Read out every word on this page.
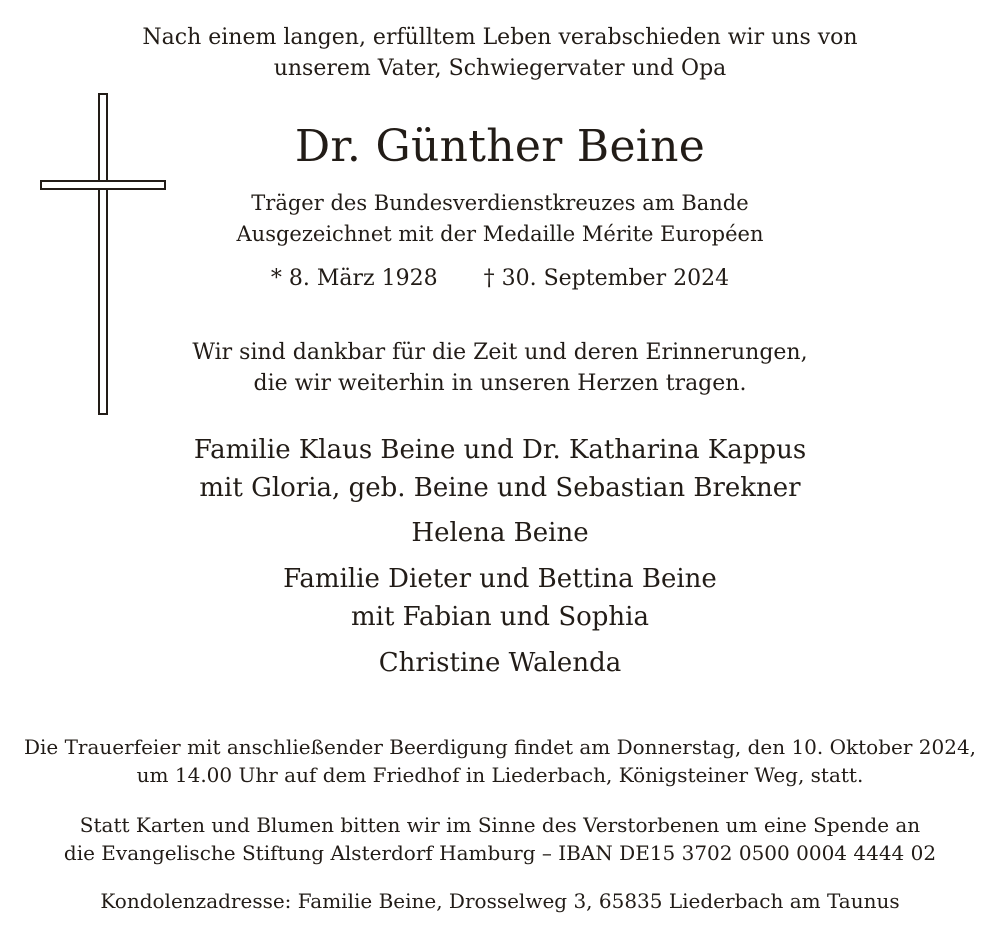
Nach einem langen, erfülltem Leben verabschieden wir uns von
unserem Vater, Schwiegervater und Opa
Dr. Günther Beine
Träger des Bundesverdienstkreuzes am Bande
Ausgezeichnet mit der Medaille Mérite Européen
* 8. März 1928 † 30. September 2024
Wir sind dankbar für die Zeit und deren Erinnerungen,
die wir weiterhin in unseren Herzen tragen.
Familie Klaus Beine und Dr. Katharina Kappus
mit Gloria, geb. Beine und Sebastian Brekner
Helena Beine
Familie Dieter und Bettina Beine
mit Fabian und Sophia
Christine Walenda
Die Trauerfeier mit anschließender Beerdigung findet am Donnerstag, den 10. Oktober 2024,
um 14.00 Uhr auf dem Friedhof in Liederbach, Königsteiner Weg, statt.
Statt Karten und Blumen bitten wir im Sinne des Verstorbenen um eine Spende an
die Evangelische Stiftung Alsterdorf Hamburg – IBAN DE15 3702 0500 0004 4444 02
Kondolenzadresse: Familie Beine, Drosselweg 3, 65835 Liederbach am Taunus
